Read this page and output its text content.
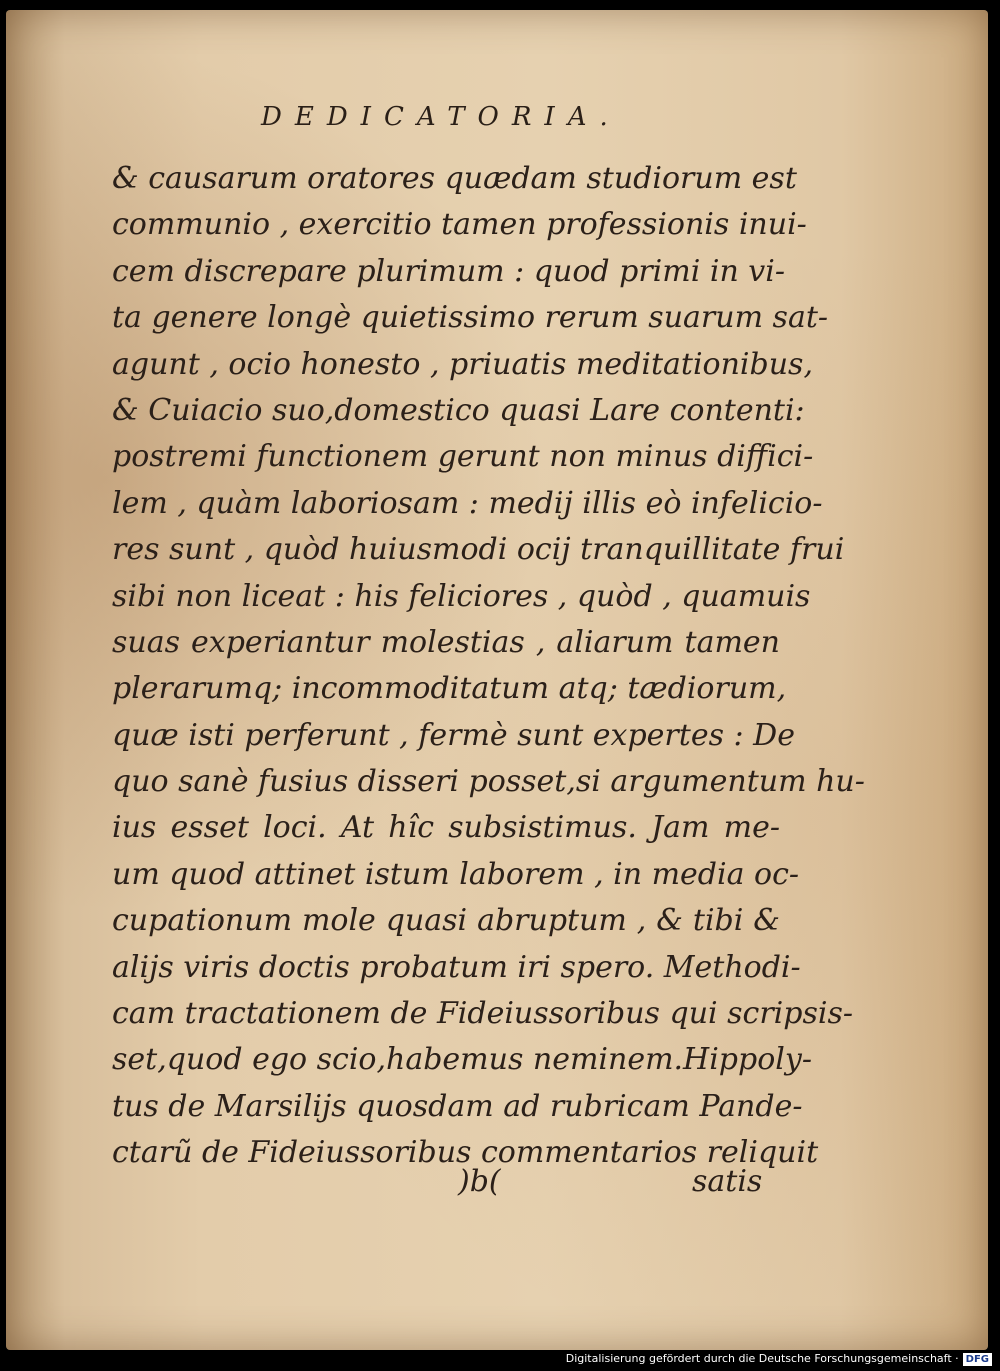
DEDICATORIA.
& causarum oratores quædam studiorum est
communio , exercitio tamen professionis inui-
cem discrepare plurimum : quod primi in vi-
ta genere longè quietissimo rerum suarum sat-
agunt , ocio honesto , priuatis meditationibus,
& Cuiacio suo,domestico quasi Lare contenti:
postremi functionem gerunt non minus diffici-
lem , quàm laboriosam : medij illis eò infelicio-
res sunt , quòd huiusmodi ocij tranquillitate frui
sibi non liceat : his feliciores , quòd , quamuis
suas experiantur molestias , aliarum tamen
plerarumq; incommoditatum atq; tædiorum,
quæ isti perferunt , fermè sunt expertes : De
quo sanè fusius disseri posset,si argumentum hu-
ius esset loci. At hîc subsistimus. Jam me-
um quod attinet istum laborem , in media oc-
cupationum mole quasi abruptum , & tibi &
alijs viris doctis probatum iri spero. Methodi-
cam tractationem de Fideiussoribus qui scripsis-
set,quod ego scio,habemus neminem.Hippoly-
tus de Marsilijs quosdam ad rubricam Pande-
ctarũ de Fideiussoribus commentarios reliquit
)b(	satis
Digitalisierung gefördert durch die Deutsche Forschungsgemeinschaft · DFG
